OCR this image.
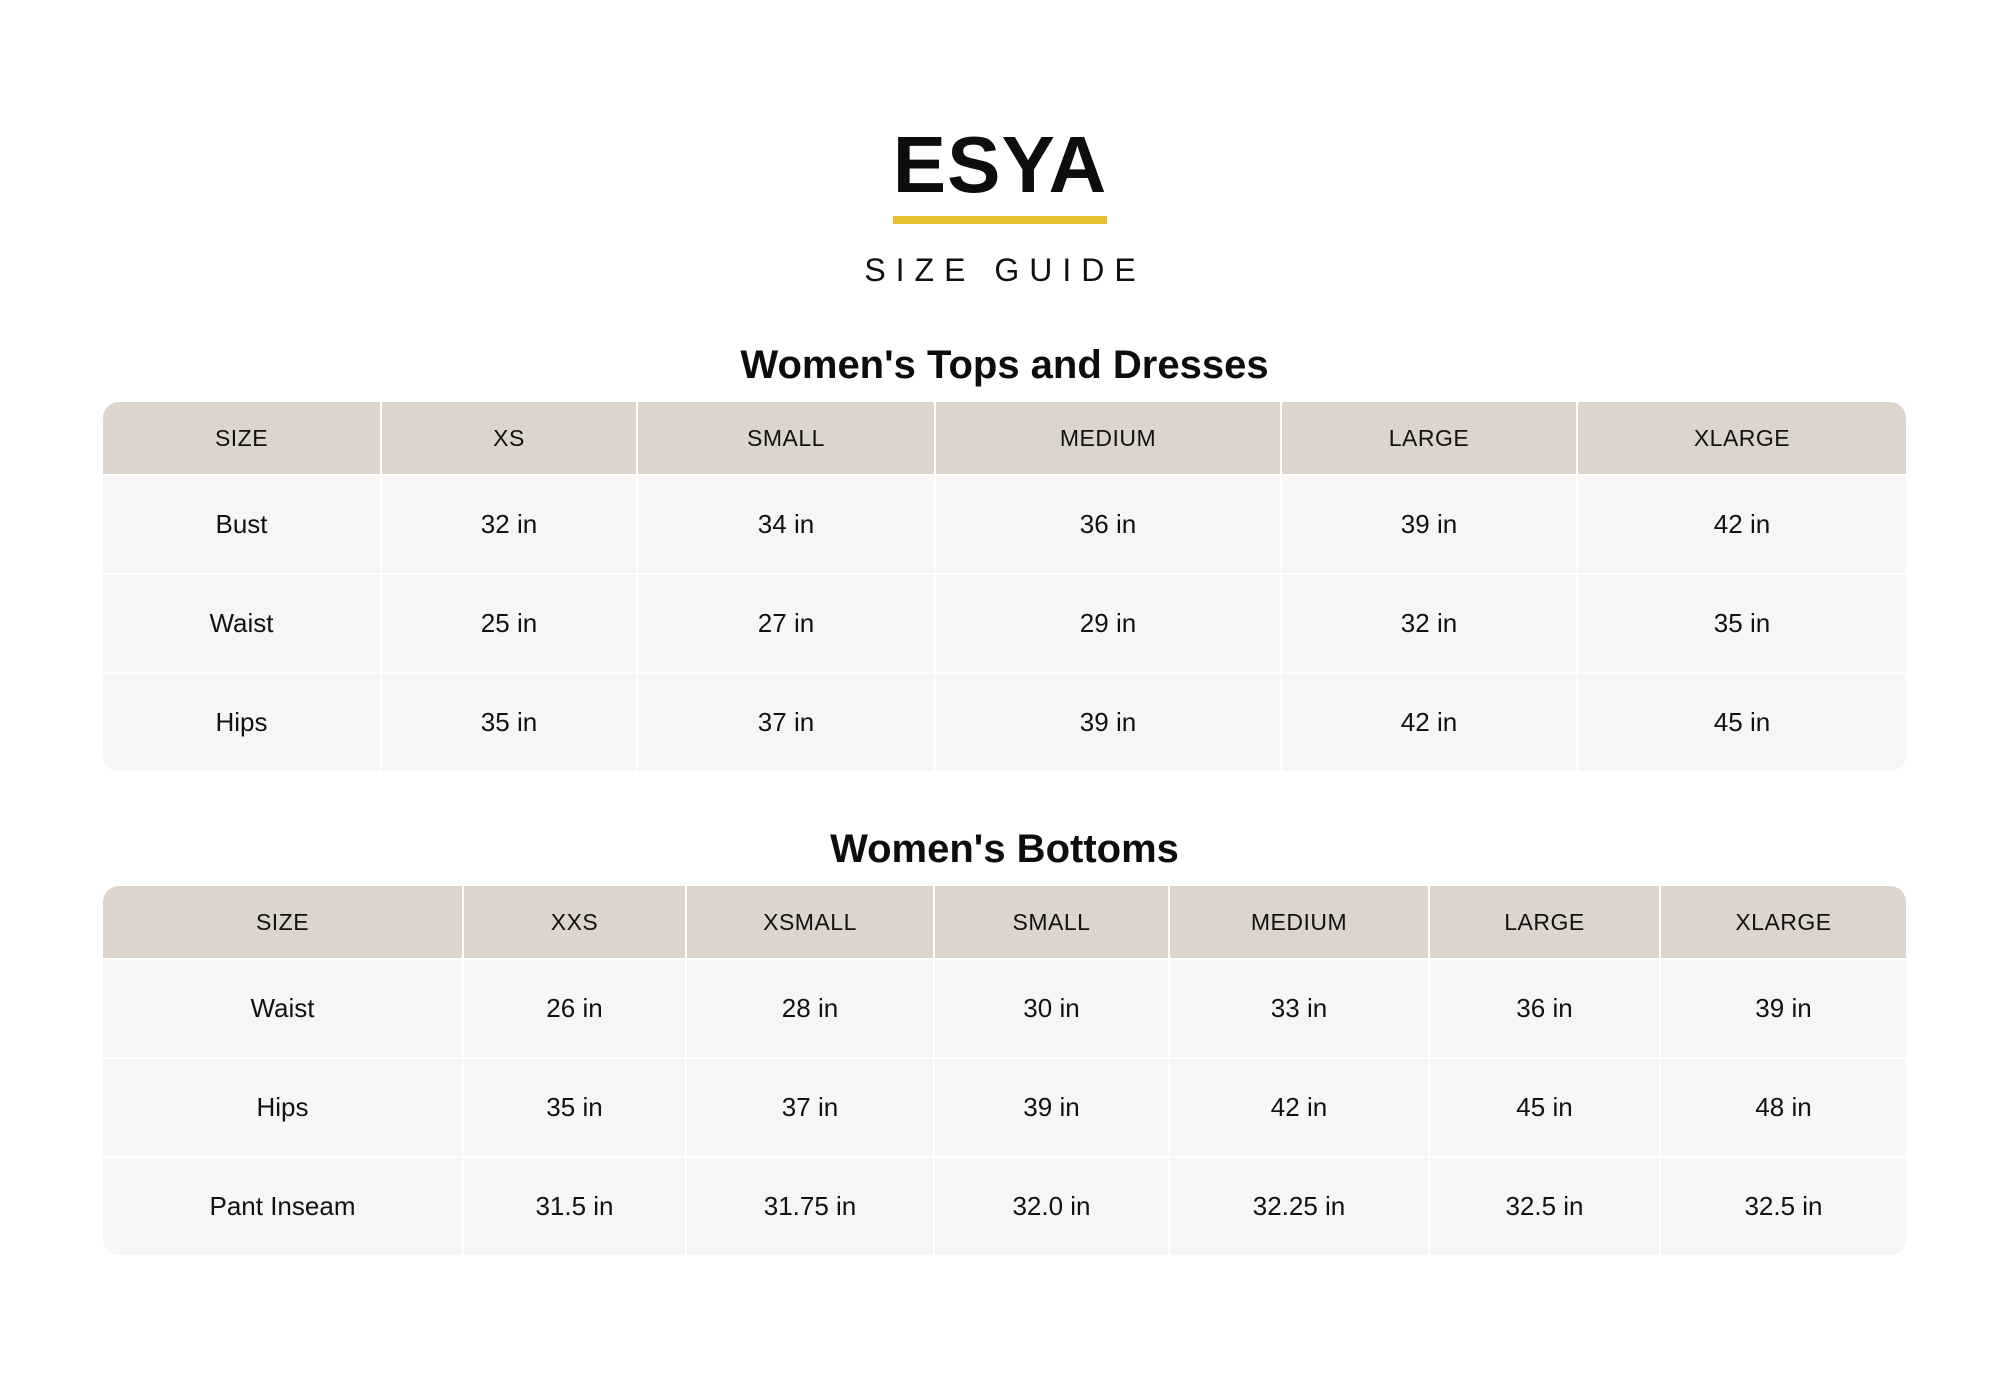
ESYA
SIZE GUIDE
Women's Tops and Dresses
SIZE	XS	SMALL	MEDIUM	LARGE	XLARGE
Bust	32 in	34 in	36 in	39 in	42 in
Waist	25 in	27 in	29 in	32 in	35 in
Hips	35 in	37 in	39 in	42 in	45 in
Women's Bottoms
SIZE	XXS	XSMALL	SMALL	MEDIUM	LARGE	XLARGE
Waist	26 in	28 in	30 in	33 in	36 in	39 in
Hips	35 in	37 in	39 in	42 in	45 in	48 in
Pant Inseam	31.5 in	31.75 in	32.0 in	32.25 in	32.5 in	32.5 in
